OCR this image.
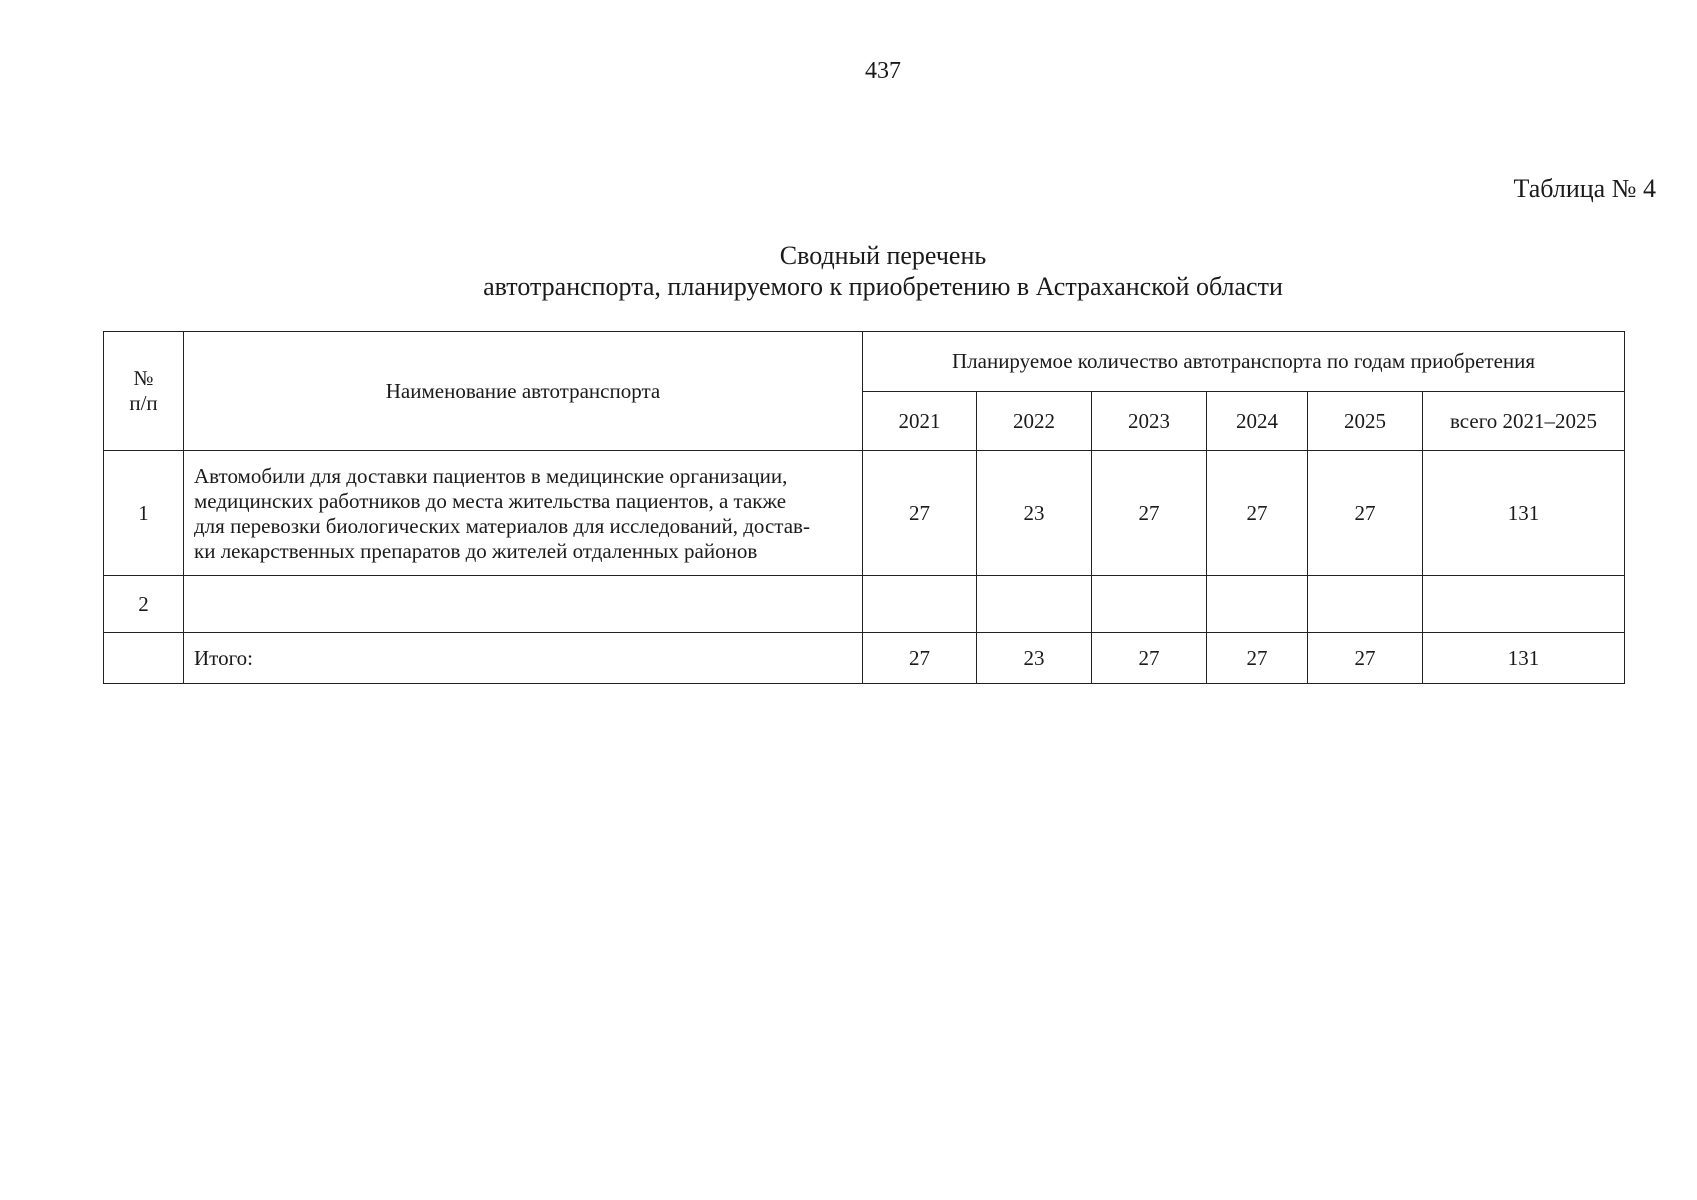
437
Таблица № 4
Сводный перечень
автотранспорта, планируемого к приобретению в Астраханской области
№
п/п	Наименование автотранспорта	Планируемое количество автотранспорта по годам приобретения					
		2021	2022	2023	2024	2025	всего 2021–2025
1	Автомобили для доставки пациентов в медицинские организации,
медицинских работников до места жительства пациентов, а также
для перевозки биологических материалов для исследований, достав-
ки лекарственных препаратов до жителей отдаленных районов	27	23	27	27	27	131
2							
	Итого:	27	23	27	27	27	131
